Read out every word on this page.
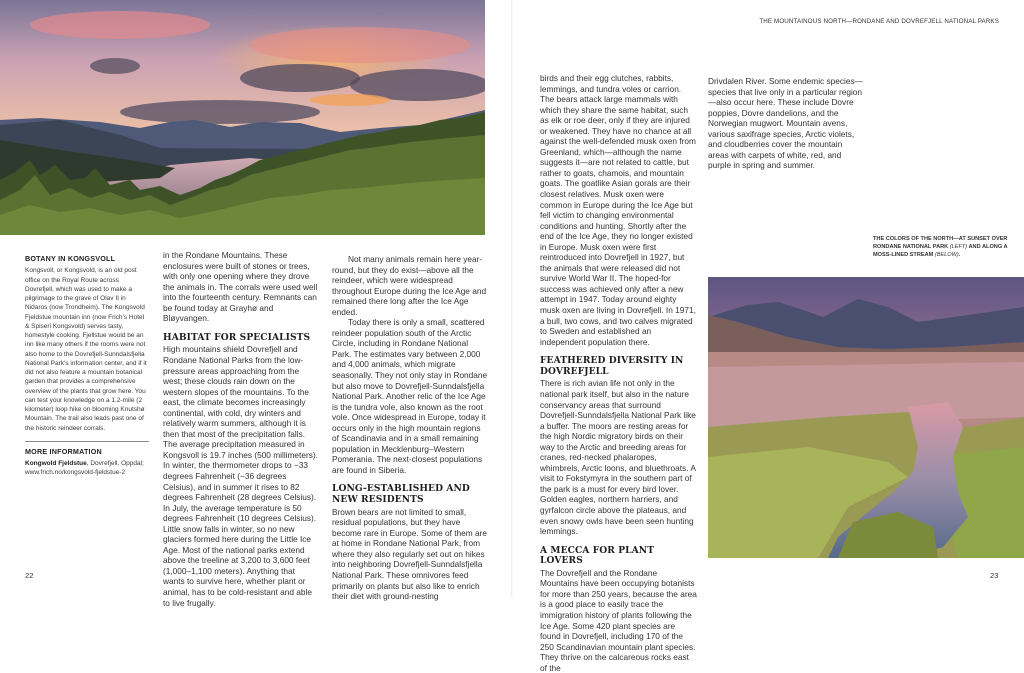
BOTANY IN KONGSVOLL

Kongsvoll, or Kongsvold, is an old post office on the Royal Route across Dovrefjell, which was used to make a pilgrimage to the grave of Olav II in Nidaros (now Trondheim). The Kongsvold Fjeldstue mountain inn (now Frich’s Hotel & Spiseri Kongsvold) serves tasty, homestyle cooking. Fjellstue would be an inn like many others if the rooms were not also home to the Dovrefjell-Sunndalsfjella National Park’s information center, and if it did not also feature a mountain botanical garden that provides a comprehensive overview of the plants that grow here. You can test your knowledge on a 1.2-mile (2 kilometer) loop hike on blooming Knutshø Mountain. The trail also leads past one of the historic reindeer corrals.

MORE INFORMATION

Kongwold Fjeldstue, Dovrefjell, Oppdal; www.frich.no/kongsvold-fjeldstue-2

in the Rondane Mountains. These enclosures were built of stones or trees, with only one opening where they drove the animals in. The corrals were used well into the fourteenth century. Remnants can be found today at Grayhø and Bløyvangen.

HABITAT FOR SPECIALISTS

High mountains shield Dovrefjell and Rondane National Parks from the low-pressure areas approaching from the west; these clouds rain down on the western slopes of the mountains. To the east, the climate becomes increasingly continental, with cold, dry winters and relatively warm summers, although it is then that most of the precipitation falls. The average precipitation measured in Kongsvoll is 19.7 inches (500 millimeters). In winter, the thermometer drops to −33 degrees Fahrenheit (−36 degrees Celsius), and in summer it rises to 82 degrees Fahrenheit (28 degrees Celsius). In July, the average temperature is 50 degrees Fahrenheit (10 degrees Celsius). Little snow falls in winter, so no new glaciers formed here during the Little Ice Age. Most of the national parks extend above the treeline at 3,200 to 3,600 feet (1,000–1,100 meters). Anything that wants to survive here, whether plant or animal, has to be cold-resistant and able to live frugally.

Not many animals remain here year-round, but they do exist—above all the reindeer, which were widespread throughout Europe during the Ice Age and remained there long after the Ice Age ended.

Today there is only a small, scattered reindeer population south of the Arctic Circle, including in Rondane National Park. The estimates vary between 2,000 and 4,000 animals, which migrate seasonally. They not only stay in Rondane but also move to Dovrefjell-Sunndalsfjella National Park. Another relic of the Ice Age is the tundra vole, also known as the root vole. Once widespread in Europe, today it occurs only in the high mountain regions of Scandinavia and in a small remaining population in Mecklenburg–Western Pomerania. The next-closest populations are found in Siberia.

LONG-ESTABLISHED AND NEW RESIDENTS

Brown bears are not limited to small, residual populations, but they have become rare in Europe. Some of them are at home in Rondane National Park, from where they also regularly set out on hikes into neighboring Dovrefjell-Sunndalsfjella National Park. These omnivores feed primarily on plants but also like to enrich their diet with ground-nesting

22
THE MOUNTAINOUS NORTH—RONDANE AND DOVREFJELL NATIONAL PARKS

birds and their egg clutches, rabbits, lemmings, and tundra voles or carrion. The bears attack large mammals with which they share the same habitat, such as elk or roe deer, only if they are injured or weakened. They have no chance at all against the well-defended musk oxen from Greenland, which—although the name suggests it—are not related to cattle, but rather to goats, chamois, and mountain goats. The goatlike Asian gorals are their closest relatives. Musk oxen were common in Europe during the Ice Age but fell victim to changing environmental conditions and hunting. Shortly after the end of the Ice Age, they no longer existed in Europe. Musk oxen were first reintroduced into Dovrefjell in 1927, but the animals that were released did not survive World War II. The hoped-for success was achieved only after a new attempt in 1947. Today around eighty musk oxen are living in Dovrefjell. In 1971, a bull, two cows, and two calves migrated to Sweden and established an independent population there.

FEATHERED DIVERSITY IN DOVREFJELL

There is rich avian life not only in the national park itself, but also in the nature conservancy areas that surround Dovrefjell-Sunndalsfjella National Park like a buffer. The moors are resting areas for the high Nordic migratory birds on their way to the Arctic and breeding areas for cranes, red-necked phalaropes, whimbrels, Arctic loons, and bluethroats. A visit to Fokstymyra in the southern part of the park is a must for every bird lover. Golden eagles, northern harriers, and gyrfalcon circle above the plateaus, and even snowy owls have been seen hunting lemmings.

A MECCA FOR PLANT LOVERS

The Dovrefjell and the Rondane Mountains have been occupying botanists for more than 250 years, because the area is a good place to easily trace the immigration history of plants following the Ice Age. Some 420 plant species are found in Dovrefjell, including 170 of the 250 Scandinavian mountain plant species. They thrive on the calcareous rocks east of the

Drivdalen River. Some endemic species—species that live only in a particular region—also occur here. These include Dovre poppies, Dovre dandelions, and the Norwegian mugwort. Mountain avens, various saxifrage species, Arctic violets, and cloudberries cover the mountain areas with carpets of white, red, and purple in spring and summer.

THE COLORS OF THE NORTH—AT SUNSET OVER RONDANE NATIONAL PARK (LEFT) AND ALONG A MOSS-LINED STREAM (BELOW).
23
